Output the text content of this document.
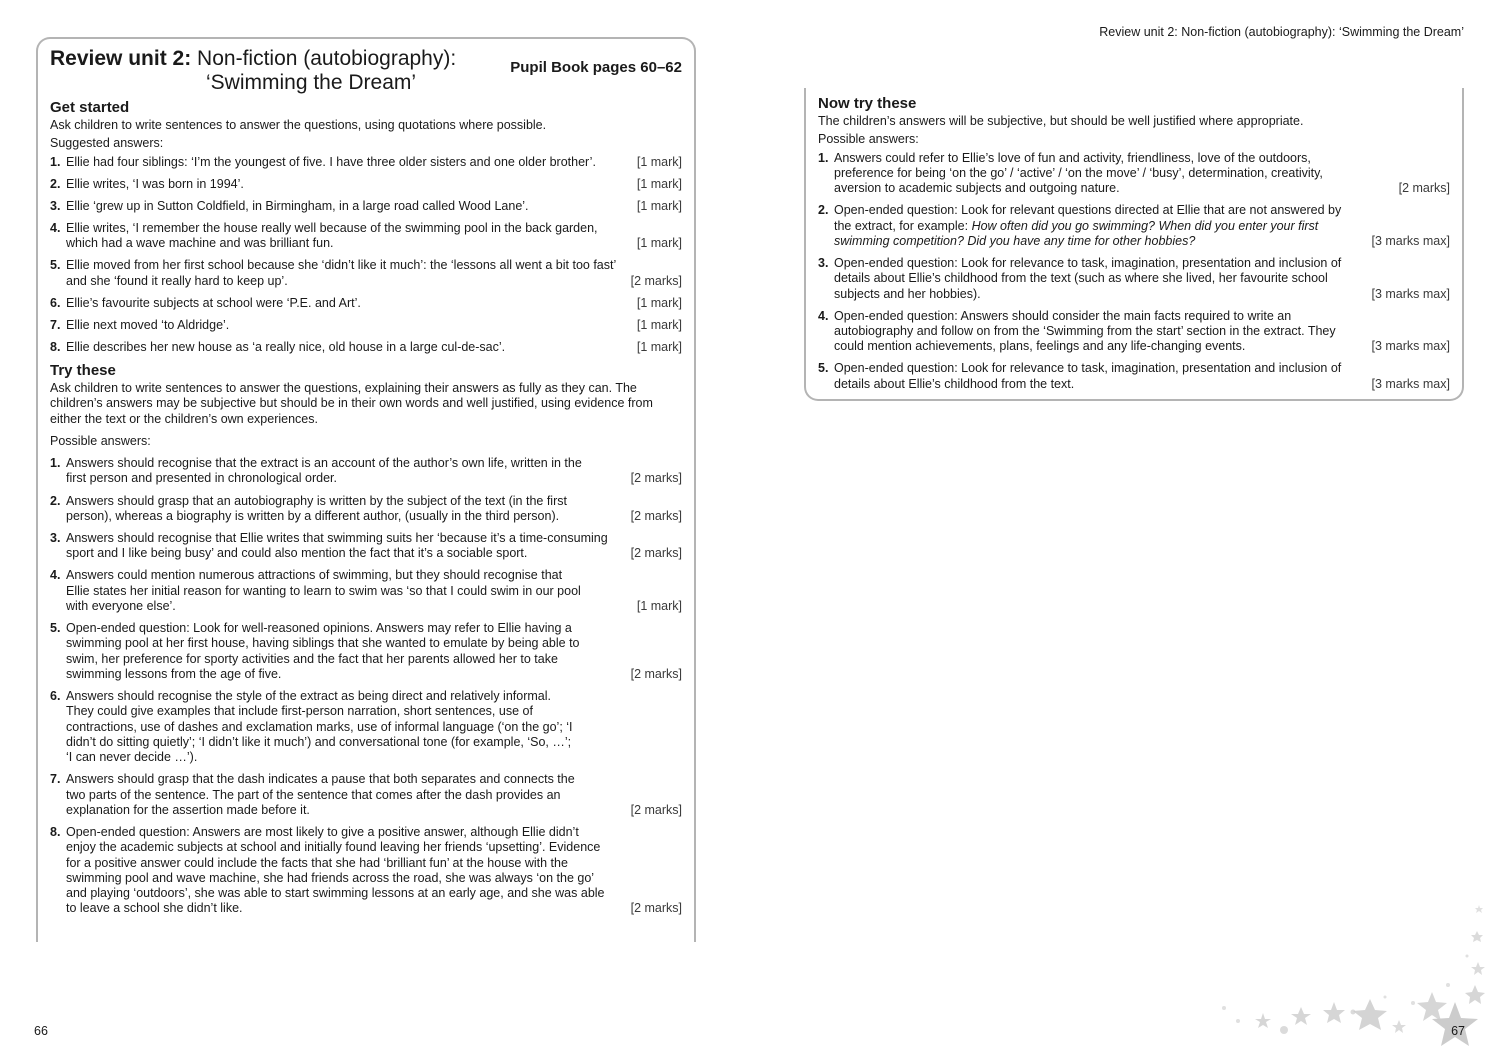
Review unit 2: Non-fiction (autobiography):
‘Swimming the Dream’
Pupil Book pages 60–62
Get started

Ask children to write sentences to answer the questions, using quotations where possible.

Suggested answers:

1. Ellie had four siblings: ‘I’m the youngest of five. I have three older sisters and one older brother’.	[1 mark]
2. Ellie writes, ‘I was born in 1994’.	[1 mark]
3. Ellie ‘grew up in Sutton Coldfield, in Birmingham, in a large road called Wood Lane’.	[1 mark]
4. Ellie writes, ‘I remember the house really well because of the swimming pool in the back garden, which had a wave machine and was brilliant fun.	[1 mark]
5. Ellie moved from her first school because she ‘didn’t like it much’: the ‘lessons all went a bit too fast’ and she ‘found it really hard to keep up’.	[2 marks]
6. Ellie’s favourite subjects at school were ‘P.E. and Art’.	[1 mark]
7. Ellie next moved ‘to Aldridge’.	[1 mark]
8. Ellie describes her new house as ‘a really nice, old house in a large cul-de-sac’.	[1 mark]
Try these

Ask children to write sentences to answer the questions, explaining their answers as fully as they can. The children’s answers may be subjective but should be in their own words and well justified, using evidence from either the text or the children’s own experiences.

Possible answers:

1. Answers should recognise that the extract is an account of the author’s own life, written in the first person and presented in chronological order.	[2 marks]
2. Answers should grasp that an autobiography is written by the subject of the text (in the first person), whereas a biography is written by a different author, (usually in the third person).	[2 marks]
3. Answers should recognise that Ellie writes that swimming suits her ‘because it’s a time-consuming sport and I like being busy’ and could also mention the fact that it’s a sociable sport.	[2 marks]
4. Answers could mention numerous attractions of swimming, but they should recognise that Ellie states her initial reason for wanting to learn to swim was ‘so that I could swim in our pool with everyone else’.	[1 mark]
5. Open-ended question: Look for well-reasoned opinions. Answers may refer to Ellie having a swimming pool at her first house, having siblings that she wanted to emulate by being able to swim, her preference for sporty activities and the fact that her parents allowed her to take swimming lessons from the age of five.	[2 marks]
6. Answers should recognise the style of the extract as being direct and relatively informal. They could give examples that include first-person narration, short sentences, use of contractions, use of dashes and exclamation marks, use of informal language (‘on the go’; ‘I didn’t do sitting quietly’; ‘I didn’t like it much’) and conversational tone (for example, ‘So, …’; ‘I can never decide …’).
7. Answers should grasp that the dash indicates a pause that both separates and connects the two parts of the sentence. The part of the sentence that comes after the dash provides an explanation for the assertion made before it.	[2 marks]
8. Open-ended question: Answers are most likely to give a positive answer, although Ellie didn’t enjoy the academic subjects at school and initially found leaving her friends ‘upsetting’. Evidence for a positive answer could include the facts that she had ‘brilliant fun’ at the house with the swimming pool and wave machine, she had friends across the road, she was always ‘on the go’ and playing ‘outdoors’, she was able to start swimming lessons at an early age, and she was able to leave a school she didn’t like.	[2 marks]
66
Review unit 2: Non-fiction (autobiography): ‘Swimming the Dream’
Now try these

The children’s answers will be subjective, but should be well justified where appropriate.

Possible answers:

1. Answers could refer to Ellie’s love of fun and activity, friendliness, love of the outdoors, preference for being ‘on the go’ / ‘active’ / ‘on the move’ / ‘busy’, determination, creativity, aversion to academic subjects and outgoing nature.	[2 marks]
2. Open-ended question: Look for relevant questions directed at Ellie that are not answered by the extract, for example: How often did you go swimming? When did you enter your first swimming competition? Did you have any time for other hobbies?	[3 marks max]
3. Open-ended question: Look for relevance to task, imagination, presentation and inclusion of details about Ellie’s childhood from the text (such as where she lived, her favourite school subjects and her hobbies).	[3 marks max]
4. Open-ended question: Answers should consider the main facts required to write an autobiography and follow on from the ‘Swimming from the start’ section in the extract. They could mention achievements, plans, feelings and any life-changing events.	[3 marks max]
5. Open-ended question: Look for relevance to task, imagination, presentation and inclusion of details about Ellie’s childhood from the text.	[3 marks max]
67
